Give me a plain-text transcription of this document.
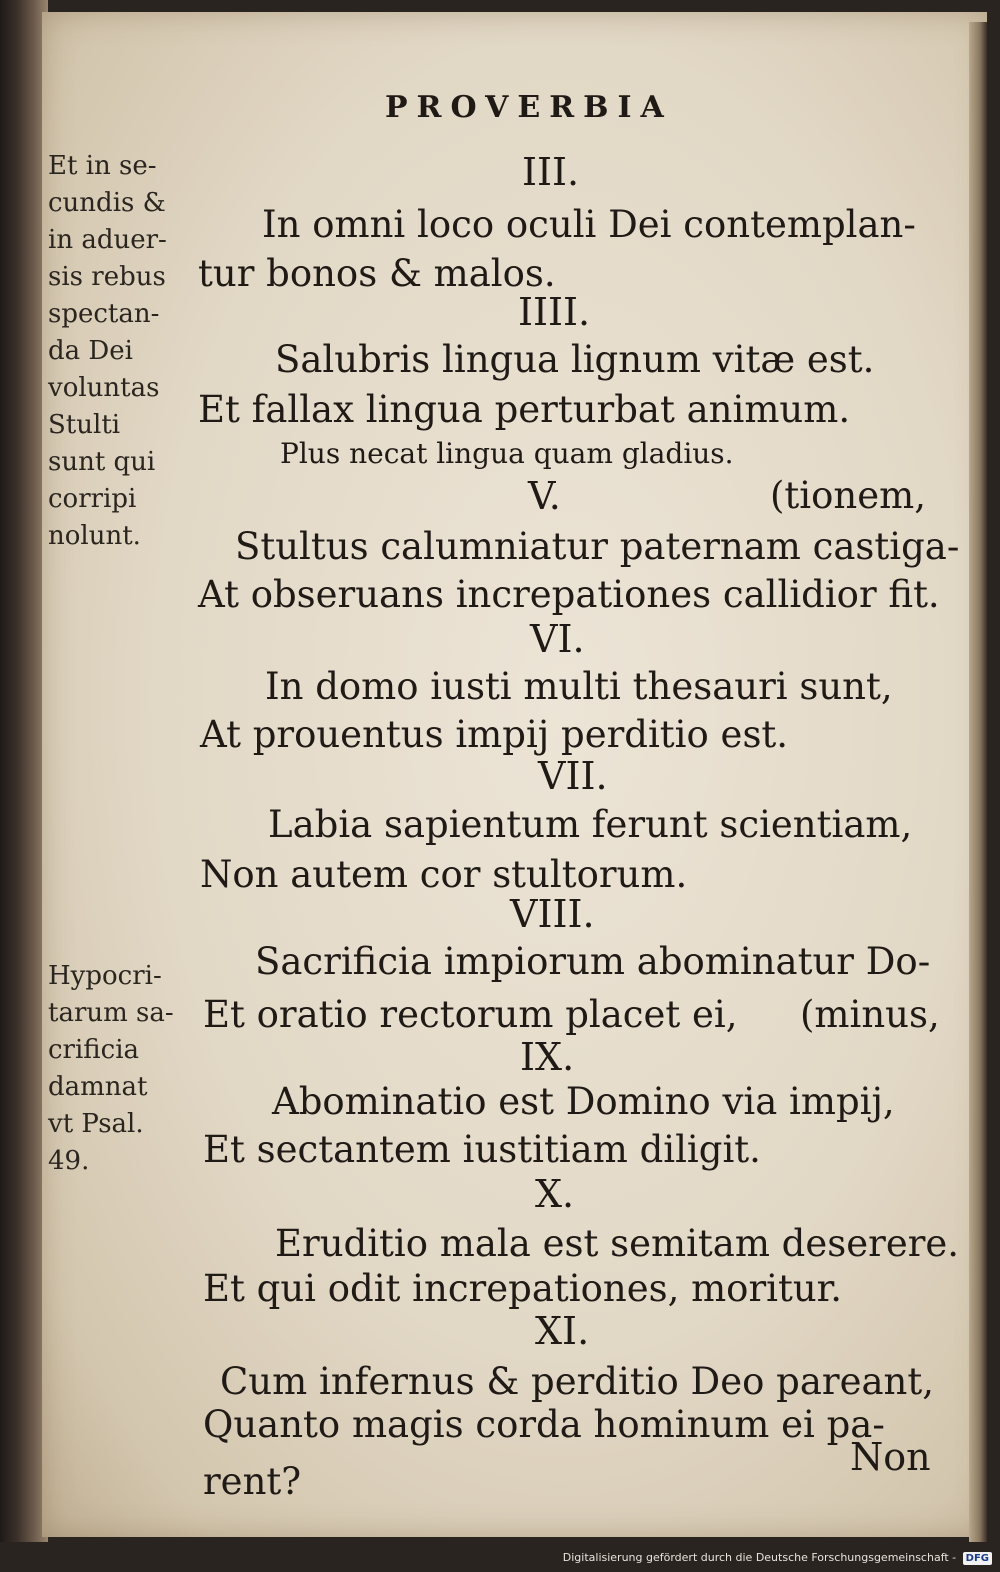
PROVERBIA
Et in se-
cundis &
in aduer-
sis rebus
spectan-
da Dei
voluntas
Stulti
sunt qui
corripi
nolunt.
Hypocri-
tarum sa-
crificia
damnat
vt Psal.
49.
III.
In omni loco oculi Dei contemplan-
tur bonos & malos.
IIII.
Salubris lingua lignum vitæ est.
Et fallax lingua perturbat animum.
Plus necat lingua quam gladius.
V.	(tionem,
Stultus calumniatur paternam castiga-
At obseruans increpationes callidior fit.
VI.
In domo iusti multi thesauri sunt,
At prouentus impij perditio est.
VII.
Labia sapientum ferunt scientiam,
Non autem cor stultorum.
VIII.
Sacrificia impiorum abominatur Do-
Et oratio rectorum placet ei, (minus,
IX.
Abominatio est Domino via impij,
Et sectantem iustitiam diligit.
X.
Eruditio mala est semitam deserere.
Et qui odit increpationes, moritur.
XI.
Cum infernus & perditio Deo pareant,
Quanto magis corda hominum ei pa-
rent?
Non
Digitalisierung gefördert durch die Deutsche Forschungsgemeinschaft - DFG
